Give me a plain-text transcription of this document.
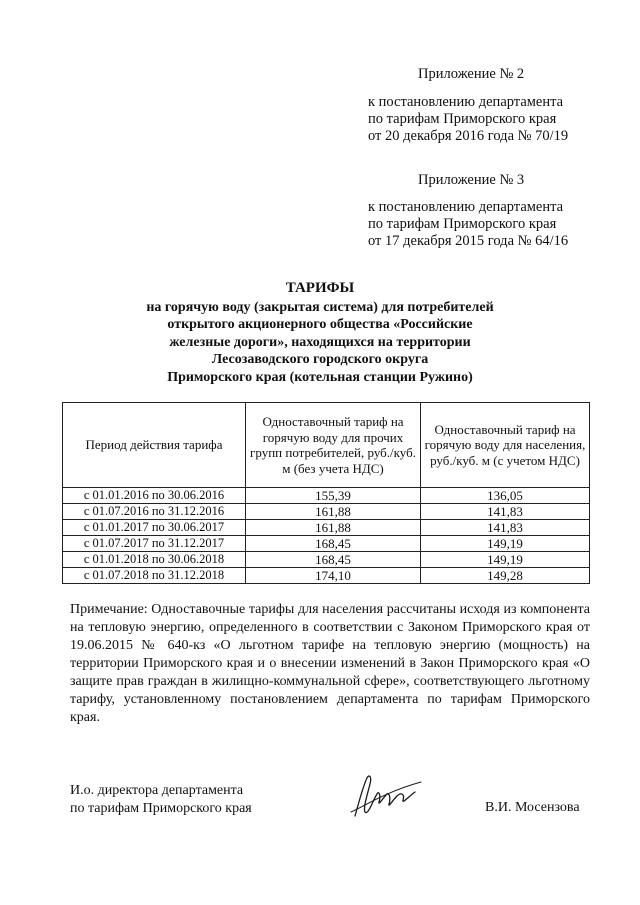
Приложение № 2
к постановлению департамента
по тарифам Приморского края
от 20 декабря 2016 года № 70/19
Приложение № 3
к постановлению департамента
по тарифам Приморского края
от 17 декабря 2015 года № 64/16
ТАРИФЫ
на горячую воду (закрытая система) для потребителей
открытого акционерного общества «Российские
железные дороги», находящихся на территории
Лесозаводского городского округа
Приморского края (котельная станции Ружино)
Период действия тарифа	Одноставочный тариф на горячую воду для прочих групп потребителей, руб./куб. м (без учета НДС)	Одноставочный тариф на горячую воду для населения, руб./куб. м (с учетом НДС)
с 01.01.2016 по 30.06.2016	155,39	136,05
с 01.07.2016 по 31.12.2016	161,88	141,83
с 01.01.2017 по 30.06.2017	161,88	141,83
с 01.07.2017 по 31.12.2017	168,45	149,19
с 01.01.2018 по 30.06.2018	168,45	149,19
с 01.07.2018 по 31.12.2018	174,10	149,28
Примечание: Одноставочные тарифы для населения рассчитаны исходя из компонента на тепловую энергию, определенного в соответствии с Законом Приморского края от 19.06.2015 № 640-кз «О льготном тарифе на тепловую энергию (мощность) на территории Приморского края и о внесении изменений в Закон Приморского края «О защите прав граждан в жилищно-коммунальной сфере», соответствующего льготному тарифу, установленному постановлением департамента по тарифам Приморского края.
И.о. директора департамента
по тарифам Приморского края	В.И. Мосензова
